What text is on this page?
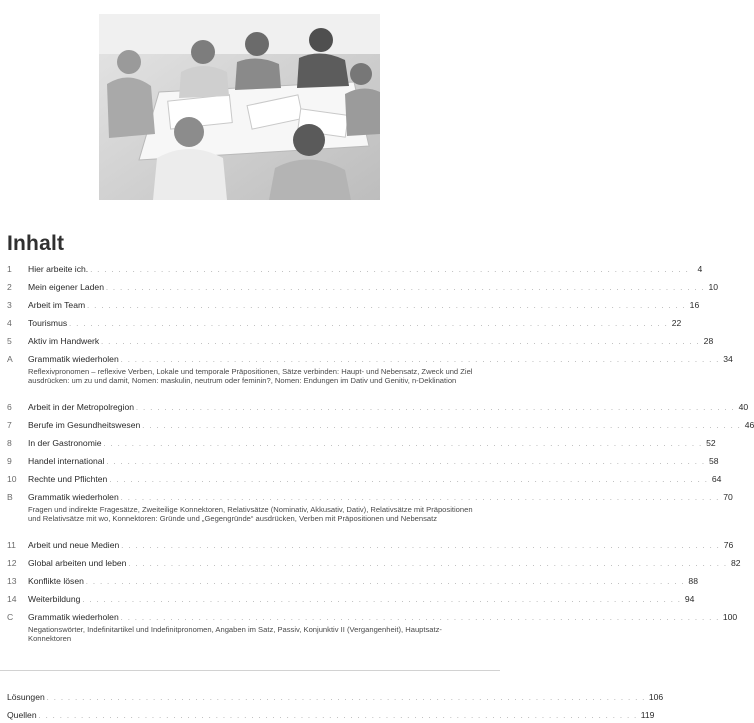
Inhalt
1	Hier arbeite ich. . . . . . . . . . . . . . . . . . . . . . . . . . . . . . . . . . . . . . . . . . . . . . . . . . . . . . . . . . . . . . . . . . . . . . . . . . . . . . . . . . . . . . 4
2	Mein eigener Laden . . . . . . . . . . . . . . . . . . . . . . . . . . . . . . . . . . . . . . . . . . . . . . . . . . . . . . . . . . . . . . . . . . . . . . . . . . . . . . . . . . . . . 10
3	Arbeit im Team . . . . . . . . . . . . . . . . . . . . . . . . . . . . . . . . . . . . . . . . . . . . . . . . . . . . . . . . . . . . . . . . . . . . . . . . . . . . . . . . . . . . . 16
4	Tourismus . . . . . . . . . . . . . . . . . . . . . . . . . . . . . . . . . . . . . . . . . . . . . . . . . . . . . . . . . . . . . . . . . . . . . . . . . . . . . . . . . . . . . 22
5	Aktiv im Handwerk . . . . . . . . . . . . . . . . . . . . . . . . . . . . . . . . . . . . . . . . . . . . . . . . . . . . . . . . . . . . . . . . . . . . . . . . . . . . . . . . . . . . . 28
A	Grammatik wiederholen . . . . . . . . . . . . . . . . . . . . . . . . . . . . . . . . . . . . . . . . . . . . . . . . . . . . . . . . . . . . . . . . . . . . . . . . . . . . . . . . . . . . . 34
Reflexivpronomen – reflexive Verben, Lokale und temporale Präpositionen, Sätze verbinden: Haupt- und Nebensatz, Zweck und Ziel ausdrücken: um zu und damit, Nomen: maskulin, neutrum oder feminin?, Nomen: Endungen im Dativ und Genitiv, n-Deklination
6	Arbeit in der Metropolregion . . . . . . . . . . . . . . . . . . . . . . . . . . . . . . . . . . . . . . . . . . . . . . . . . . . . . . . . . . . . . . . . . . . . . . . . . . . . . . . . . . . . . 40
7	Berufe im Gesundheitswesen . . . . . . . . . . . . . . . . . . . . . . . . . . . . . . . . . . . . . . . . . . . . . . . . . . . . . . . . . . . . . . . . . . . . . . . . . . . . . . . . . . . . . 46
8	In der Gastronomie . . . . . . . . . . . . . . . . . . . . . . . . . . . . . . . . . . . . . . . . . . . . . . . . . . . . . . . . . . . . . . . . . . . . . . . . . . . . . . . . . . . . . 52
9	Handel international . . . . . . . . . . . . . . . . . . . . . . . . . . . . . . . . . . . . . . . . . . . . . . . . . . . . . . . . . . . . . . . . . . . . . . . . . . . . . . . . . . . . . 58
10	Rechte und Pflichten . . . . . . . . . . . . . . . . . . . . . . . . . . . . . . . . . . . . . . . . . . . . . . . . . . . . . . . . . . . . . . . . . . . . . . . . . . . . . . . . . . . . . 64
B	Grammatik wiederholen . . . . . . . . . . . . . . . . . . . . . . . . . . . . . . . . . . . . . . . . . . . . . . . . . . . . . . . . . . . . . . . . . . . . . . . . . . . . . . . . . . . . . 70
Fragen und indirekte Fragesätze, Zweiteilige Konnektoren, Relativsätze (Nominativ, Akkusativ, Dativ), Relativsätze mit Präpositionen und Relativsätze mit wo, Konnektoren: Gründe und „Gegengründe“ ausdrücken, Verben mit Präpositionen und Nebensatz
11	Arbeit und neue Medien . . . . . . . . . . . . . . . . . . . . . . . . . . . . . . . . . . . . . . . . . . . . . . . . . . . . . . . . . . . . . . . . . . . . . . . . . . . . . . . . . . . . . 76
12	Global arbeiten und leben . . . . . . . . . . . . . . . . . . . . . . . . . . . . . . . . . . . . . . . . . . . . . . . . . . . . . . . . . . . . . . . . . . . . . . . . . . . . . . . . . . . . . 82
13	Konflikte lösen . . . . . . . . . . . . . . . . . . . . . . . . . . . . . . . . . . . . . . . . . . . . . . . . . . . . . . . . . . . . . . . . . . . . . . . . . . . . . . . . . . . . . 88
14	Weiterbildung . . . . . . . . . . . . . . . . . . . . . . . . . . . . . . . . . . . . . . . . . . . . . . . . . . . . . . . . . . . . . . . . . . . . . . . . . . . . . . . . . . . . . 94
C	Grammatik wiederholen . . . . . . . . . . . . . . . . . . . . . . . . . . . . . . . . . . . . . . . . . . . . . . . . . . . . . . . . . . . . . . . . . . . . . . . . . . . . . . . . . . . . . 100
Negationswörter, Indefinitartikel und Indefinitpronomen, Angaben im Satz, Passiv, Konjunktiv II (Vergangenheit), Hauptsatz-Konnektoren
Lösungen . . . . . . . . . . . . . . . . . . . . . . . . . . . . . . . . . . . . . . . . . . . . . . . . . . . . . . . . . . . . . . . . . . . . . . . . . . . . . . . . . . . . . 106
Quellen . . . . . . . . . . . . . . . . . . . . . . . . . . . . . . . . . . . . . . . . . . . . . . . . . . . . . . . . . . . . . . . . . . . . . . . . . . . . . . . . . . . . . 119
